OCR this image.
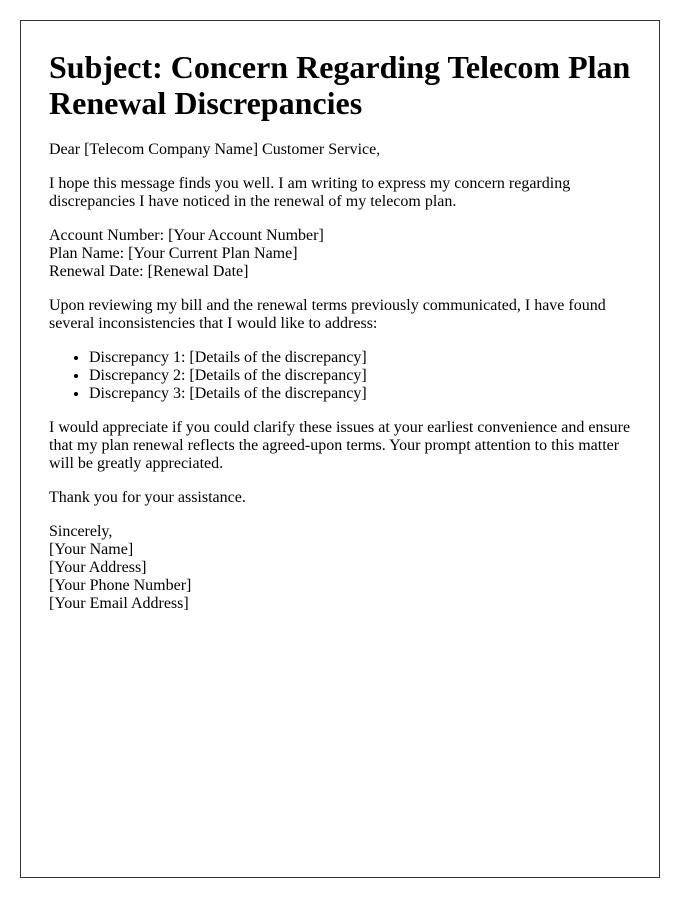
Subject: Concern Regarding Telecom Plan Renewal Discrepancies

Dear [Telecom Company Name] Customer Service,

I hope this message finds you well. I am writing to express my concern regarding discrepancies I have noticed in the renewal of my telecom plan.

Account Number: [Your Account Number]
Plan Name: [Your Current Plan Name]
Renewal Date: [Renewal Date]

Upon reviewing my bill and the renewal terms previously communicated, I have found several inconsistencies that I would like to address:

• Discrepancy 1: [Details of the discrepancy]
• Discrepancy 2: [Details of the discrepancy]
• Discrepancy 3: [Details of the discrepancy]

I would appreciate if you could clarify these issues at your earliest convenience and ensure that my plan renewal reflects the agreed-upon terms. Your prompt attention to this matter will be greatly appreciated.

Thank you for your assistance.

Sincerely,
[Your Name]
[Your Address]
[Your Phone Number]
[Your Email Address]
